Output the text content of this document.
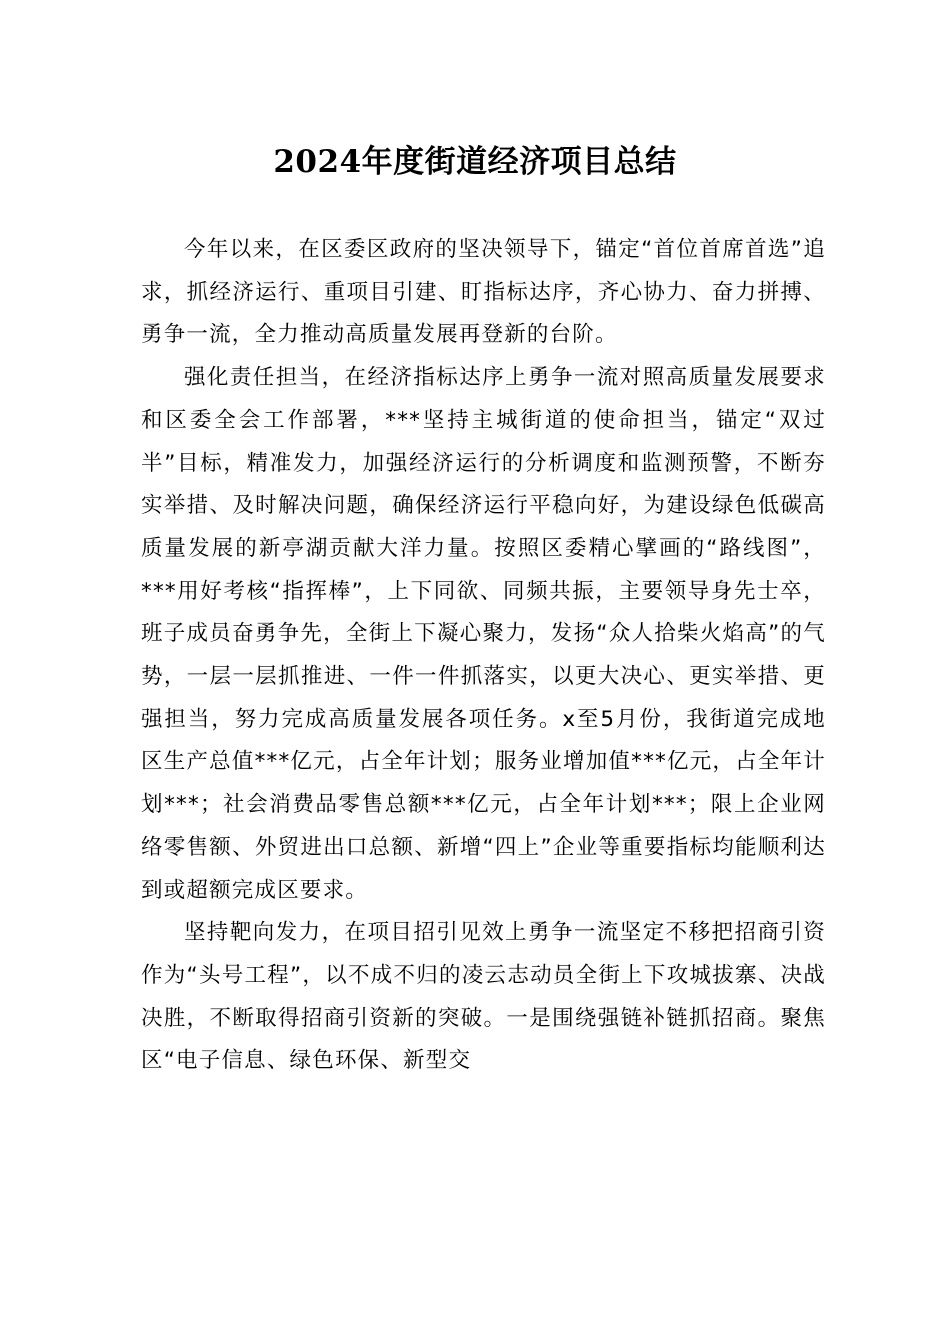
2024年度街道经济项目总结

今年以来，在区委区政府的坚决领导下，锚定“首位首席首选”追求，抓经济运行、重项目引建、盯指标达序，齐心协力、奋力拼搏、勇争一流，全力推动高质量发展再登新的台阶。

强化责任担当，在经济指标达序上勇争一流对照高质量发展要求和区委全会工作部署，***坚持主城街道的使命担当，锚定“双过半”目标，精准发力，加强经济运行的分析调度和监测预警，不断夯实举措、及时解决问题，确保经济运行平稳向好，为建设绿色低碳高质量发展的新亭湖贡献大洋力量。按照区委精心擘画的“路线图”，***用好考核“指挥棒”，上下同欲、同频共振，主要领导身先士卒，班子成员奋勇争先，全街上下凝心聚力，发扬“众人拾柴火焰高”的气势，一层一层抓推进、一件一件抓落实，以更大决心、更实举措、更强担当，努力完成高质量发展各项任务。x至5月份，我街道完成地区生产总值***亿元，占全年计划；服务业增加值***亿元，占全年计划***；社会消费品零售总额***亿元，占全年计划***；限上企业网络零售额、外贸进出口总额、新增“四上”企业等重要指标均能顺利达到或超额完成区要求。

坚持靶向发力，在项目招引见效上勇争一流坚定不移把招商引资作为“头号工程”，以不成不归的凌云志动员全街上下攻城拔寨、决战决胜，不断取得招商引资新的突破。一是围绕强链补链抓招商。聚焦区“电子信息、绿色环保、新型交
